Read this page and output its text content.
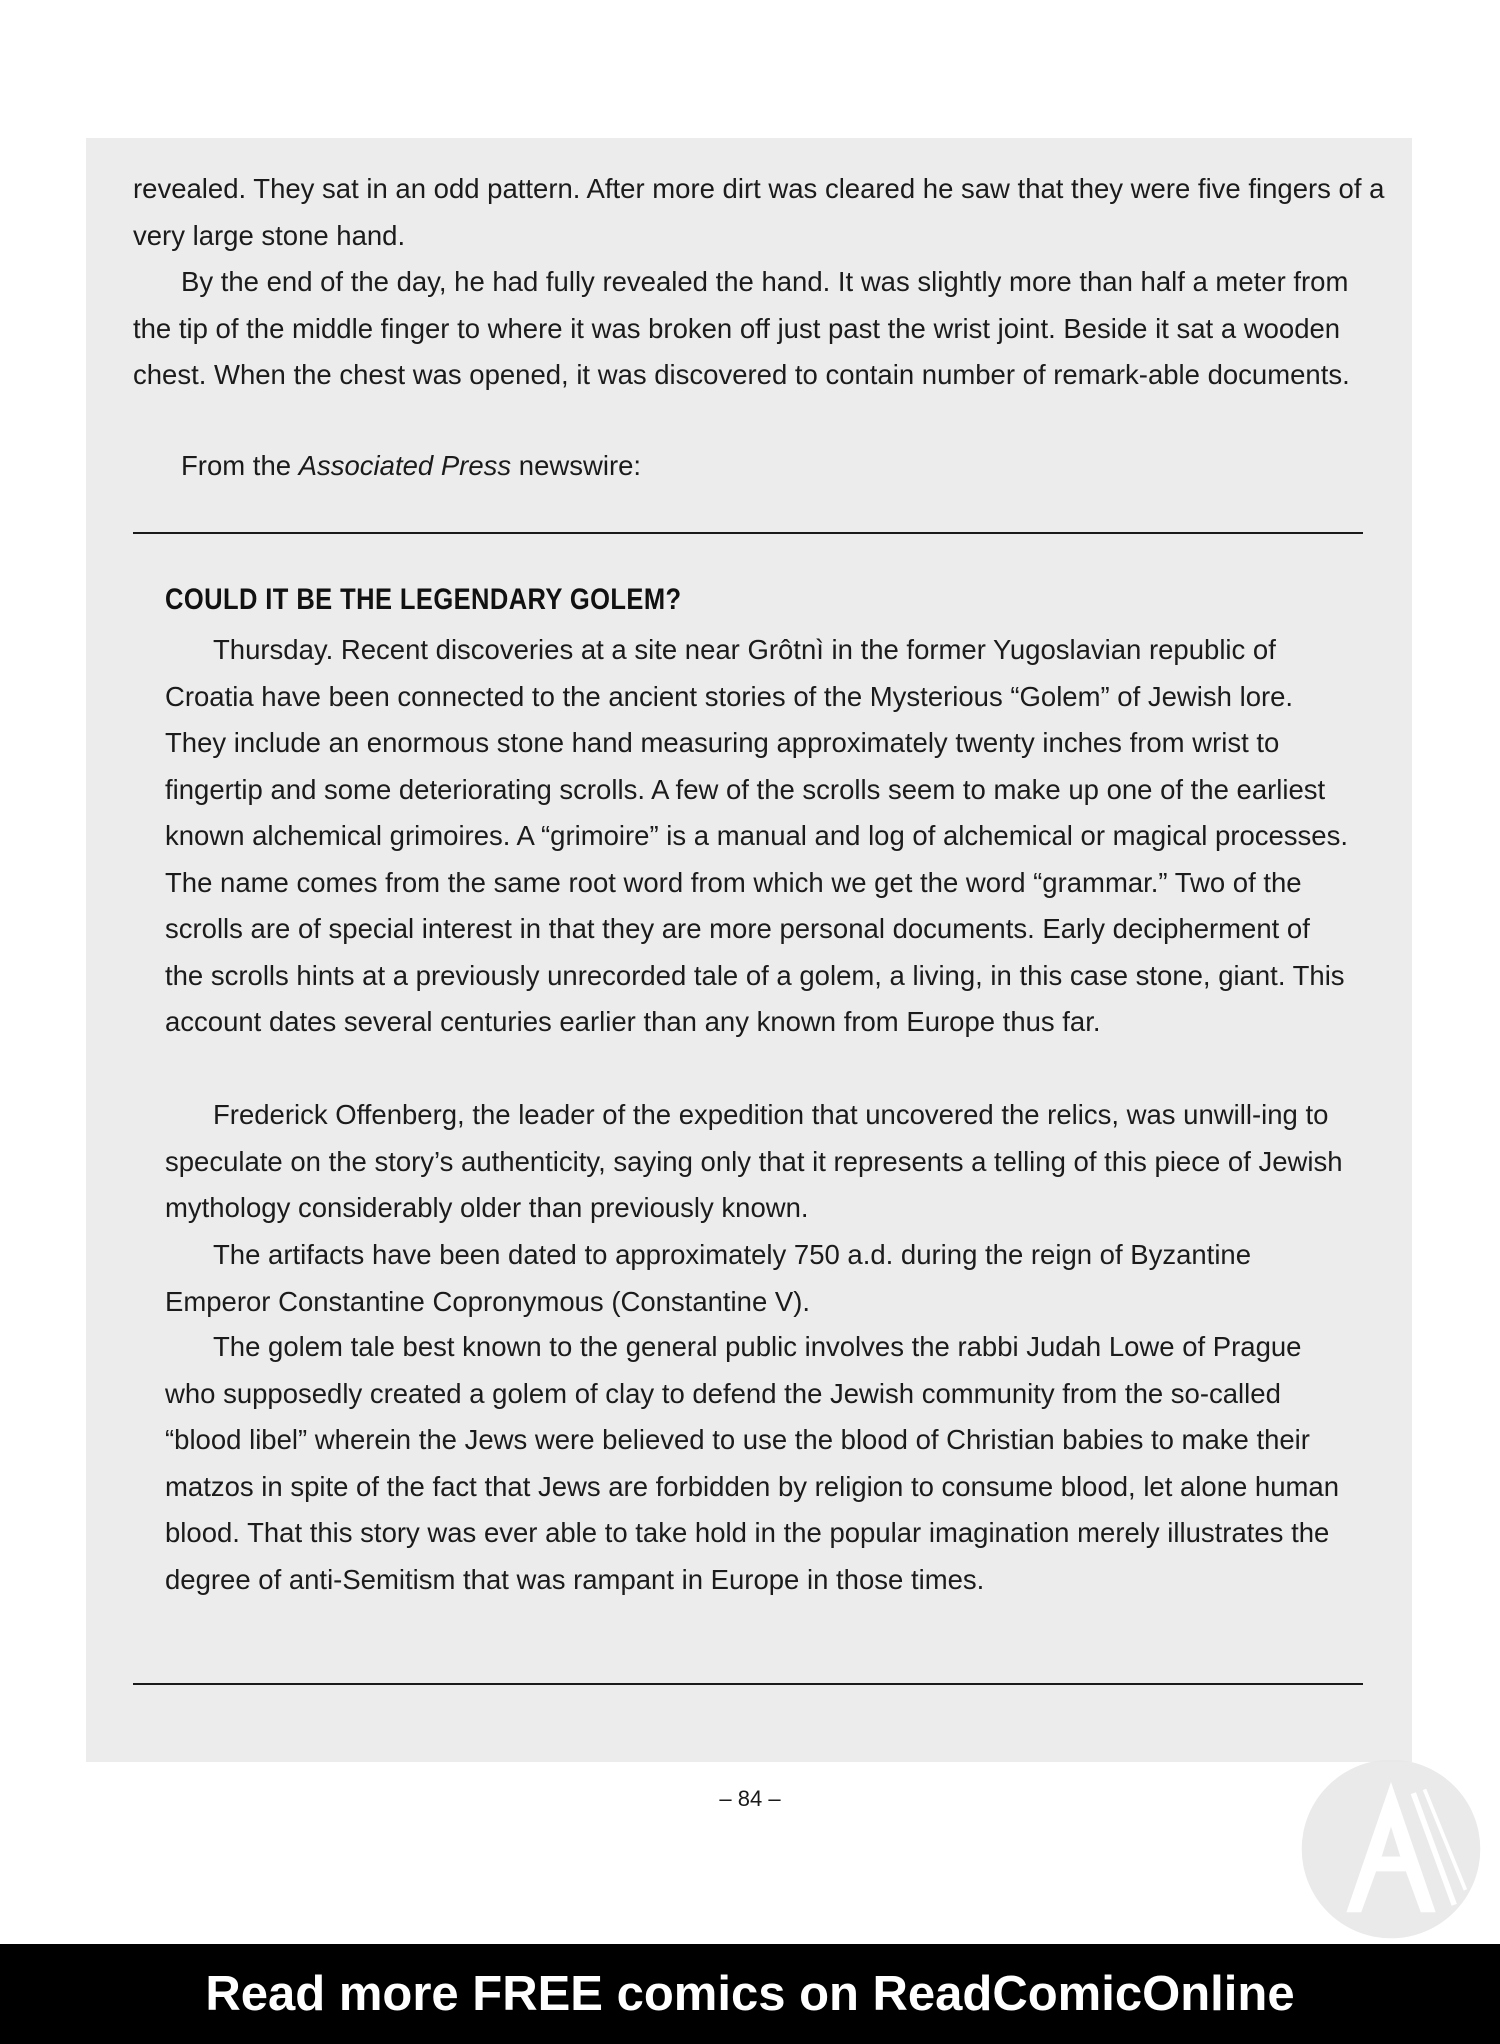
revealed. They sat in an odd pattern. After more dirt was cleared he saw that they were five fingers of a very large stone hand.

By the end of the day, he had fully revealed the hand. It was slightly more than half a meter from the tip of the middle finger to where it was broken off just past the wrist joint. Beside it sat a wooden chest. When the chest was opened, it was discovered to contain number of remark-able documents.

From the Associated Press newswire:

COULD IT BE THE LEGENDARY GOLEM?

Thursday. Recent discoveries at a site near Grôtnì in the former Yugoslavian republic of Croatia have been connected to the ancient stories of the Mysterious “Golem” of Jewish lore. They include an enormous stone hand measuring approximately twenty inches from wrist to fingertip and some deteriorating scrolls. A few of the scrolls seem to make up one of the earliest known alchemical grimoires. A “grimoire” is a manual and log of alchemical or magical processes. The name comes from the same root word from which we get the word “grammar.” Two of the scrolls are of special interest in that they are more personal documents. Early decipherment of the scrolls hints at a previously unrecorded tale of a golem, a living, in this case stone, giant. This account dates several centuries earlier than any known from Europe thus far.

Frederick Offenberg, the leader of the expedition that uncovered the relics, was unwill-ing to speculate on the story’s authenticity, saying only that it represents a telling of this piece of Jewish mythology considerably older than previously known.

The artifacts have been dated to approximately 750 a.d. during the reign of Byzantine Emperor Constantine Copronymous (Constantine V).

The golem tale best known to the general public involves the rabbi Judah Lowe of Prague who supposedly created a golem of clay to defend the Jewish community from the so-called “blood libel” wherein the Jews were believed to use the blood of Christian babies to make their matzos in spite of the fact that Jews are forbidden by religion to consume blood, let alone human blood. That this story was ever able to take hold in the popular imagination merely illustrates the degree of anti-Semitism that was rampant in Europe in those times.

– 84 –
Read more FREE comics on ReadComicOnline
